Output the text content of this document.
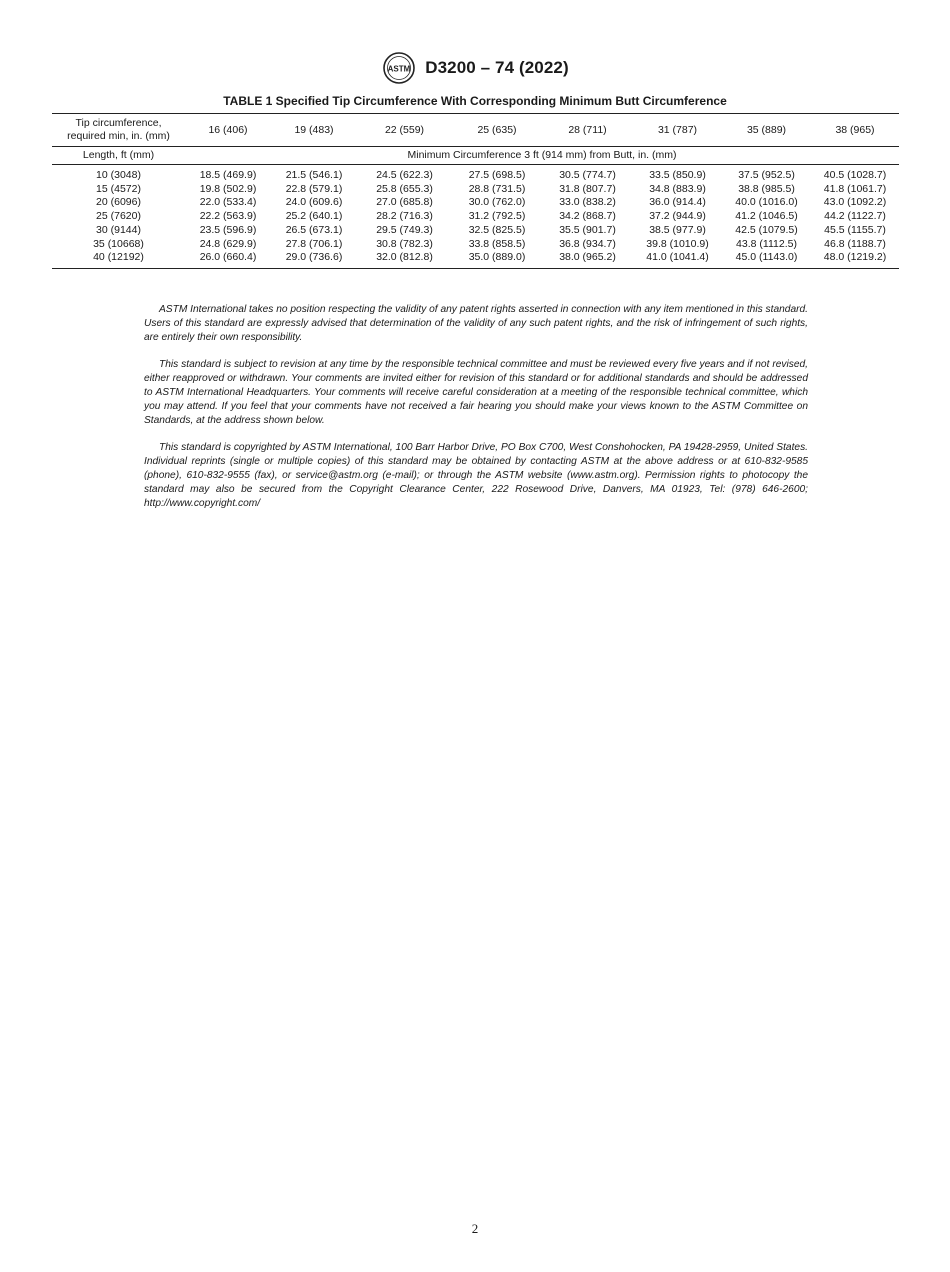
ASTM D3200 – 74 (2022)
TABLE 1 Specified Tip Circumference With Corresponding Minimum Butt Circumference
Tip circumference,
required min, in. (mm)	16 (406)	19 (483)	22 (559)	25 (635)	28 (711)	31 (787)	35 (889)	38 (965)
Length, ft (mm)	Minimum Circumference 3 ft (914 mm) from Butt, in. (mm)							
10 (3048)	18.5 (469.9)	21.5 (546.1)	24.5 (622.3)	27.5 (698.5)	30.5 (774.7)	33.5 (850.9)	37.5 (952.5)	40.5 (1028.7)
15 (4572)	19.8 (502.9)	22.8 (579.1)	25.8 (655.3)	28.8 (731.5)	31.8 (807.7)	34.8 (883.9)	38.8 (985.5)	41.8 (1061.7)
20 (6096)	22.0 (533.4)	24.0 (609.6)	27.0 (685.8)	30.0 (762.0)	33.0 (838.2)	36.0 (914.4)	40.0 (1016.0)	43.0 (1092.2)
25 (7620)	22.2 (563.9)	25.2 (640.1)	28.2 (716.3)	31.2 (792.5)	34.2 (868.7)	37.2 (944.9)	41.2 (1046.5)	44.2 (1122.7)
30 (9144)	23.5 (596.9)	26.5 (673.1)	29.5 (749.3)	32.5 (825.5)	35.5 (901.7)	38.5 (977.9)	42.5 (1079.5)	45.5 (1155.7)
35 (10668)	24.8 (629.9)	27.8 (706.1)	30.8 (782.3)	33.8 (858.5)	36.8 (934.7)	39.8 (1010.9)	43.8 (1112.5)	46.8 (1188.7)
40 (12192)	26.0 (660.4)	29.0 (736.6)	32.0 (812.8)	35.0 (889.0)	38.0 (965.2)	41.0 (1041.4)	45.0 (1143.0)	48.0 (1219.2)

ASTM International takes no position respecting the validity of any patent rights asserted in connection with any item mentioned in this standard. Users of this standard are expressly advised that determination of the validity of any such patent rights, and the risk of infringement of such rights, are entirely their own responsibility.

This standard is subject to revision at any time by the responsible technical committee and must be reviewed every five years and if not revised, either reapproved or withdrawn. Your comments are invited either for revision of this standard or for additional standards and should be addressed to ASTM International Headquarters. Your comments will receive careful consideration at a meeting of the responsible technical committee, which you may attend. If you feel that your comments have not received a fair hearing you should make your views known to the ASTM Committee on Standards, at the address shown below.

This standard is copyrighted by ASTM International, 100 Barr Harbor Drive, PO Box C700, West Conshohocken, PA 19428-2959, United States. Individual reprints (single or multiple copies) of this standard may be obtained by contacting ASTM at the above address or at 610-832-9585 (phone), 610-832-9555 (fax), or service@astm.org (e-mail); or through the ASTM website (www.astm.org). Permission rights to photocopy the standard may also be secured from the Copyright Clearance Center, 222 Rosewood Drive, Danvers, MA 01923, Tel: (978) 646-2600; http://www.copyright.com/

2
